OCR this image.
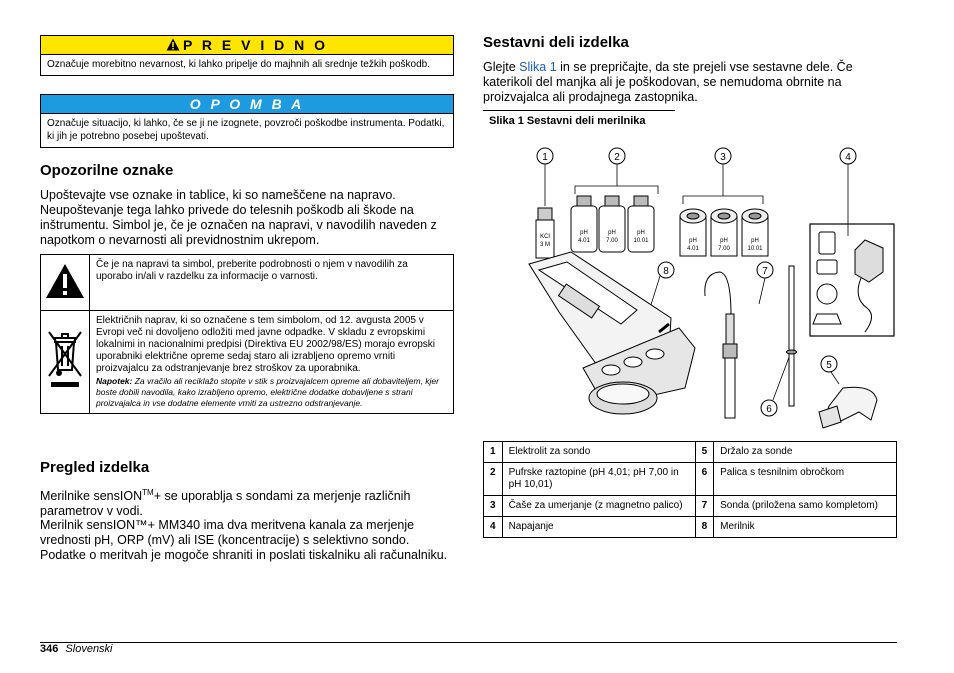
P R E V I D N O
Označuje morebitno nevarnost, ki lahko pripelje do majhnih ali srednje težkih poškodb.
O P O M B A
Označuje situacijo, ki lahko, če se ji ne izognete, povzroči poškodbe instrumenta. Podatki, ki jih je potrebno posebej upoštevati.
Opozorilne oznake

Upoštevajte vse oznake in tablice, ki so nameščene na napravo. Neupoštevanje tega lahko privede do telesnih poškodb ali škode na inštrumentu. Simbol je, če je označen na napravi, v navodilih naveden z napotkom o nevarnosti ali previdnostnim ukrepom.

	Če je na napravi ta simbol, preberite podrobnosti o njem v navodilih za uporabo in/ali v razdelku za informacije o varnosti.
	Električnih naprav, ki so označene s tem simbolom, od 12. avgusta 2005 v Evropi več ni dovoljeno odložiti med javne odpadke. V skladu z evropskimi lokalnimi in nacionalnimi predpisi (Direktiva EU 2002/98/ES) morajo evropski uporabniki električne opreme sedaj staro ali izrabljeno opremo vrniti proizvajalcu za odstranjevanje brez stroškov za uporabnika.
Napotek: Za vračilo ali reciklažo stopite v stik s proizvajalcem opreme ali dobaviteljem, kjer boste dobili navodila, kako izrabljeno opremo, električne dodatke dobavljene s strani proizvajalca in vse dodatne elemente vrniti za ustrezno odstranjevanje.
Pregled izdelka

Merilnike sensION™+ se uporablja s sondami za merjenje različnih parametrov v vodi.

Merilnik sensION™+ MM340 ima dva meritvena kanala za merjenje vrednosti pH, ORP (mV) ali ISE (koncentracije) s selektivno sondo. Podatke o meritvah je mogoče shraniti in poslati tiskalniku ali računalniku.

Sestavni deli izdelka

Glejte Slika 1 in se prepričajte, da ste prejeli vse sestavne dele. Če katerikoli del manjka ali je poškodovan, se nemudoma obrnite na proizvajalca ali prodajnega zastopnika.

Slika 1 Sestavni deli merilnika
1	2	3	4
8	7
5
6
KCl
3 M
pH
4.01
pH
7.00
pH
10.01	pH
4.01
pH
7.00
pH
10.01
1	Elektrolit za sondo	5	Držalo za sonde
2	Pufrske raztopine (pH 4,01; pH 7,00 in pH 10,01)	6	Palica s tesnilnim obročkom
3	Čaše za umerjanje (z magnetno palico)	7	Sonda (priložena samo kompletom)
4	Napajanje	8	Merilnik
346 Slovenski
